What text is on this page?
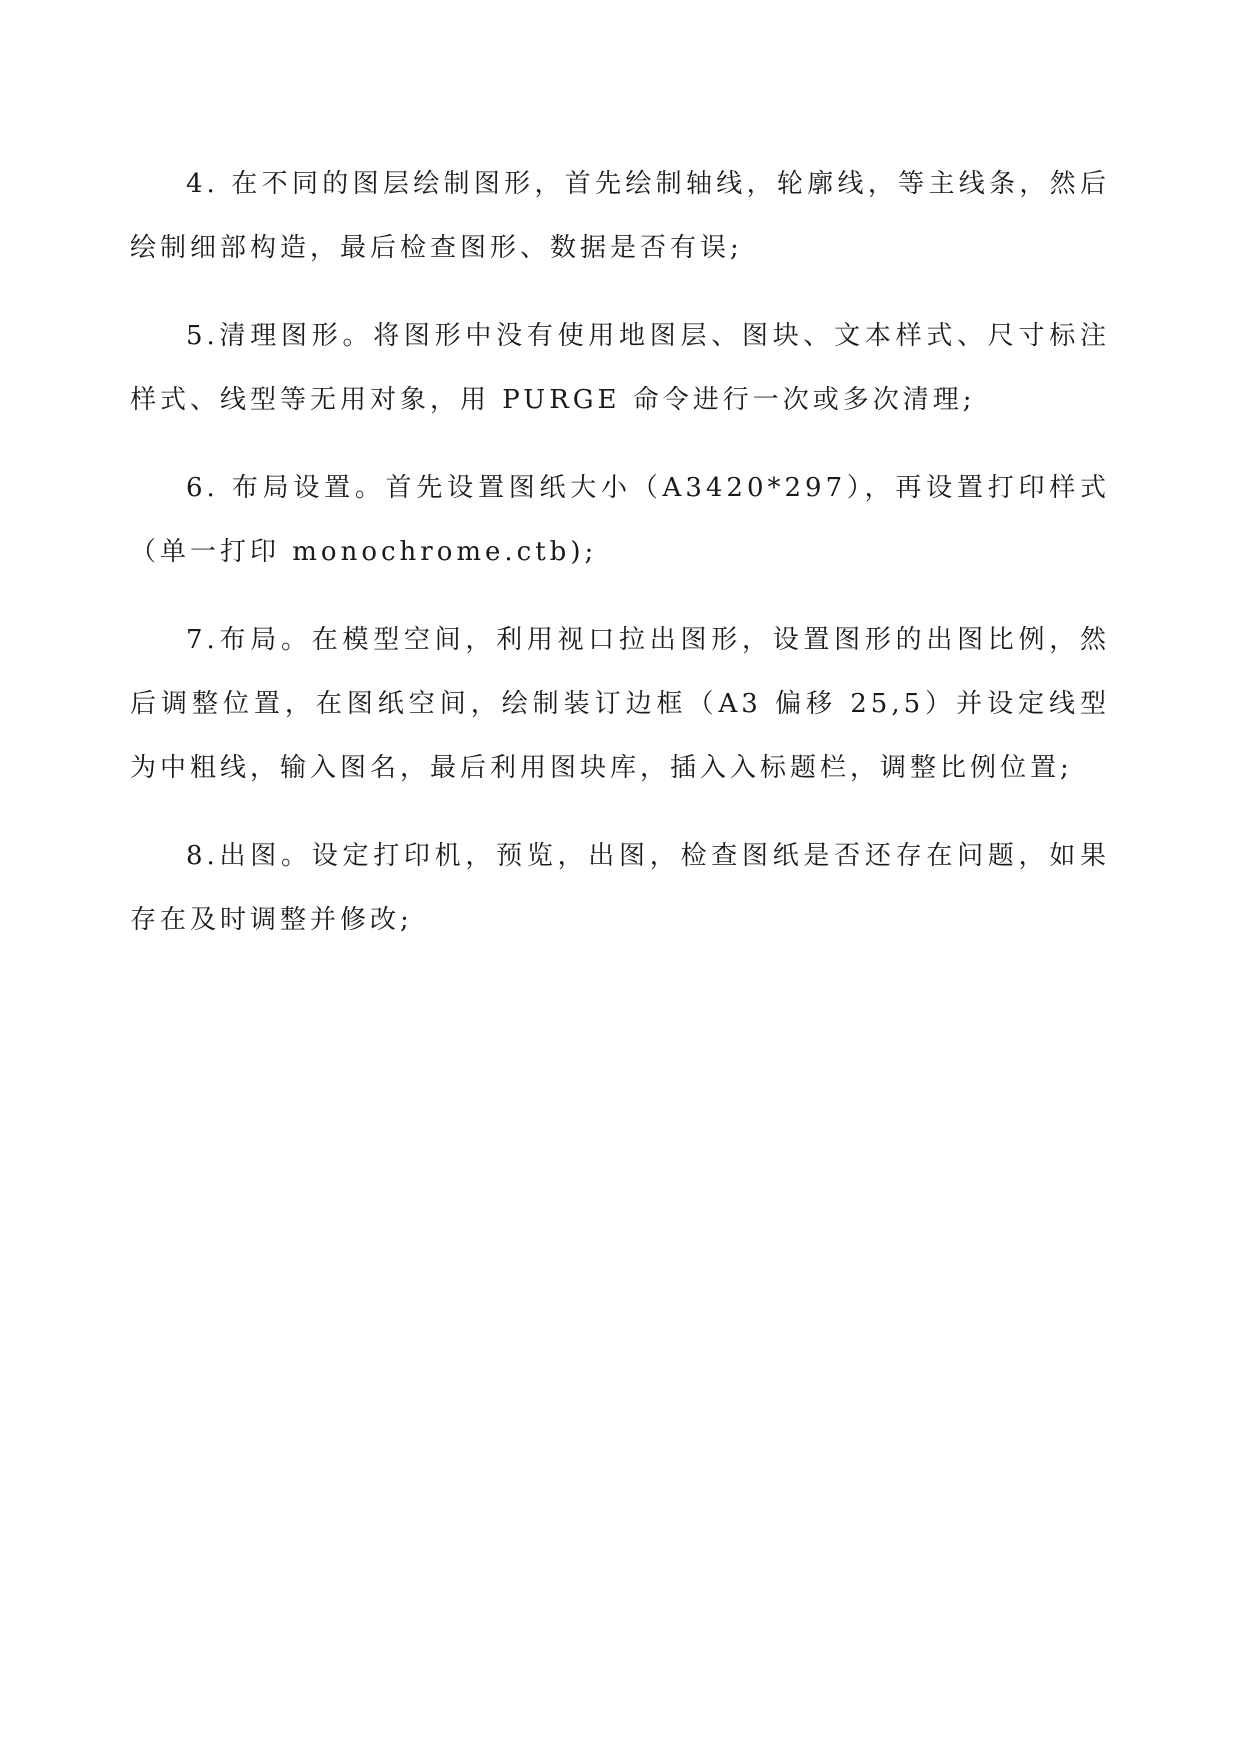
4. 在不同的图层绘制图形，首先绘制轴线，轮廓线，等主线条，然后绘制细部构造，最后检查图形、数据是否有误;

5.清理图形。将图形中没有使用地图层、图块、文本样式、尺寸标注样式、线型等无用对象，用 PURGE 命令进行一次或多次清理;

6. 布局设置。首先设置图纸大小（A3420*297），再设置打印样式（单一打印 monochrome.ctb);

7.布局。在模型空间，利用视口拉出图形，设置图形的出图比例，然后调整位置，在图纸空间，绘制装订边框（A3 偏移 25,5）并设定线型为中粗线，输入图名，最后利用图块库，插入入标题栏，调整比例位置;

8.出图。设定打印机，预览，出图，检查图纸是否还存在问题，如果存在及时调整并修改;
